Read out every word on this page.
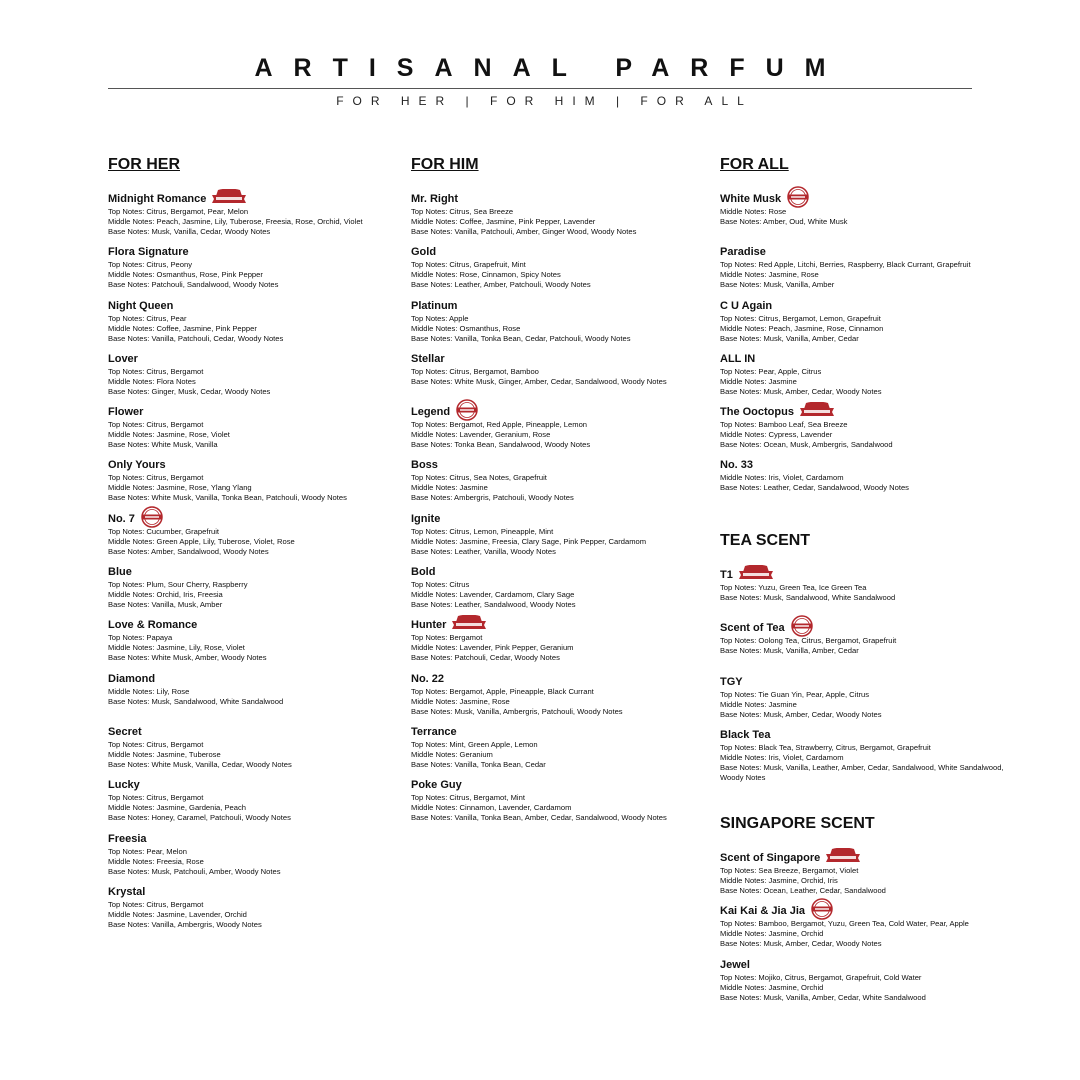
ARTISANAL PARFUM
FOR HER | FOR HIM | FOR ALL
FOR HER
Midnight Romance
Top Notes: Citrus, Bergamot, Pear, Melon
Middle Notes: Peach, Jasmine, Lily, Tuberose, Freesia, Rose, Orchid, Violet
Base Notes: Musk, Vanilla, Cedar, Woody Notes
Flora Signature
Top Notes: Citrus, Peony
Middle Notes: Osmanthus, Rose, Pink Pepper
Base Notes: Patchouli, Sandalwood, Woody Notes
Night Queen
Top Notes: Citrus, Pear
Middle Notes: Coffee, Jasmine, Pink Pepper
Base Notes: Vanilla, Patchouli, Cedar, Woody Notes
Lover
Top Notes: Citrus, Bergamot
Middle Notes: Flora Notes
Base Notes: Ginger, Musk, Cedar, Woody Notes
Flower
Top Notes: Citrus, Bergamot
Middle Notes: Jasmine, Rose, Violet
Base Notes: White Musk, Vanilla
Only Yours
Top Notes: Citrus, Bergamot
Middle Notes: Jasmine, Rose, Ylang Ylang
Base Notes: White Musk, Vanilla, Tonka Bean, Patchouli, Woody Notes
No. 7
Top Notes: Cucumber, Grapefruit
Middle Notes: Green Apple, Lily, Tuberose, Violet, Rose
Base Notes: Amber, Sandalwood, Woody Notes
Blue
Top Notes: Plum, Sour Cherry, Raspberry
Middle Notes: Orchid, Iris, Freesia
Base Notes: Vanilla, Musk, Amber
Love & Romance
Top Notes: Papaya
Middle Notes: Jasmine, Lily, Rose, Violet
Base Notes: White Musk, Amber, Woody Notes
Diamond
Middle Notes: Lily, Rose
Base Notes: Musk, Sandalwood, White Sandalwood
Secret
Top Notes: Citrus, Bergamot
Middle Notes: Jasmine, Tuberose
Base Notes: White Musk, Vanilla, Cedar, Woody Notes
Lucky
Top Notes: Citrus, Bergamot
Middle Notes: Jasmine, Gardenia, Peach
Base Notes: Honey, Caramel, Patchouli, Woody Notes
Freesia
Top Notes: Pear, Melon
Middle Notes: Freesia, Rose
Base Notes: Musk, Patchouli, Amber, Woody Notes
Krystal
Top Notes: Citrus, Bergamot
Middle Notes: Jasmine, Lavender, Orchid
Base Notes: Vanilla, Ambergris, Woody Notes
FOR HIM
Mr. Right
Top Notes: Citrus, Sea Breeze
Middle Notes: Coffee, Jasmine, Pink Pepper, Lavender
Base Notes: Vanilla, Patchouli, Amber, Ginger Wood, Woody Notes
Gold
Top Notes: Citrus, Grapefruit, Mint
Middle Notes: Rose, Cinnamon, Spicy Notes
Base Notes: Leather, Amber, Patchouli, Woody Notes
Platinum
Top Notes: Apple
Middle Notes: Osmanthus, Rose
Base Notes: Vanilla, Tonka Bean, Cedar, Patchouli, Woody Notes
Stellar
Top Notes: Citrus, Bergamot, Bamboo
Base Notes: White Musk, Ginger, Amber, Cedar, Sandalwood, Woody Notes
Legend
Top Notes: Bergamot, Red Apple, Pineapple, Lemon
Middle Notes: Lavender, Geranium, Rose
Base Notes: Tonka Bean, Sandalwood, Woody Notes
Boss
Top Notes: Citrus, Sea Notes, Grapefruit
Middle Notes: Jasmine
Base Notes: Ambergris, Patchouli, Woody Notes
Ignite
Top Notes: Citrus, Lemon, Pineapple, Mint
Middle Notes: Jasmine, Freesia, Clary Sage, Pink Pepper, Cardamom
Base Notes: Leather, Vanilla, Woody Notes
Bold
Top Notes: Citrus
Middle Notes: Lavender, Cardamom, Clary Sage
Base Notes: Leather, Sandalwood, Woody Notes
Hunter
Top Notes: Bergamot
Middle Notes: Lavender, Pink Pepper, Geranium
Base Notes: Patchouli, Cedar, Woody Notes
No. 22
Top Notes: Bergamot, Apple, Pineapple, Black Currant
Middle Notes: Jasmine, Rose
Base Notes: Musk, Vanilla, Ambergris, Patchouli, Woody Notes
Terrance
Top Notes: Mint, Green Apple, Lemon
Middle Notes: Geranium
Base Notes: Vanilla, Tonka Bean, Cedar
Poke Guy
Top Notes: Citrus, Bergamot, Mint
Middle Notes: Cinnamon, Lavender, Cardamom
Base Notes: Vanilla, Tonka Bean, Amber, Cedar, Sandalwood, Woody Notes
FOR ALL
White Musk
Middle Notes: Rose
Base Notes: Amber, Oud, White Musk
Paradise
Top Notes: Red Apple, Litchi, Berries, Raspberry, Black Currant, Grapefruit
Middle Notes: Jasmine, Rose
Base Notes: Musk, Vanilla, Amber
C U Again
Top Notes: Citrus, Bergamot, Lemon, Grapefruit
Middle Notes: Peach, Jasmine, Rose, Cinnamon
Base Notes: Musk, Vanilla, Amber, Cedar
ALL IN
Top Notes: Pear, Apple, Citrus
Middle Notes: Jasmine
Base Notes: Musk, Amber, Cedar, Woody Notes
The Ooctopus
Top Notes: Bamboo Leaf, Sea Breeze
Middle Notes: Cypress, Lavender
Base Notes: Ocean, Musk, Ambergris, Sandalwood
No. 33
Middle Notes: Iris, Violet, Cardamom
Base Notes: Leather, Cedar, Sandalwood, Woody Notes
TEA SCENT
T1
Top Notes: Yuzu, Green Tea, Ice Green Tea
Base Notes: Musk, Sandalwood, White Sandalwood
Scent of Tea
Top Notes: Oolong Tea, Citrus, Bergamot, Grapefruit
Base Notes: Musk, Vanilla, Amber, Cedar
TGY
Top Notes: Tie Guan Yin, Pear, Apple, Citrus
Middle Notes: Jasmine
Base Notes: Musk, Amber, Cedar, Woody Notes
Black Tea
Top Notes: Black Tea, Strawberry, Citrus, Bergamot, Grapefruit
Middle Notes: Iris, Violet, Cardamom
Base Notes: Musk, Vanilla, Leather, Amber, Cedar, Sandalwood, White Sandalwood, Woody Notes
SINGAPORE SCENT
Scent of Singapore
Top Notes: Sea Breeze, Bergamot, Violet
Middle Notes: Jasmine, Orchid, Iris
Base Notes: Ocean, Leather, Cedar, Sandalwood
Kai Kai & Jia Jia
Top Notes: Bamboo, Bergamot, Yuzu, Green Tea, Cold Water, Pear, Apple
Middle Notes: Jasmine, Orchid
Base Notes: Musk, Amber, Cedar, Woody Notes
Jewel
Top Notes: Mojiko, Citrus, Bergamot, Grapefruit, Cold Water
Middle Notes: Jasmine, Orchid
Base Notes: Musk, Vanilla, Amber, Cedar, White Sandalwood
